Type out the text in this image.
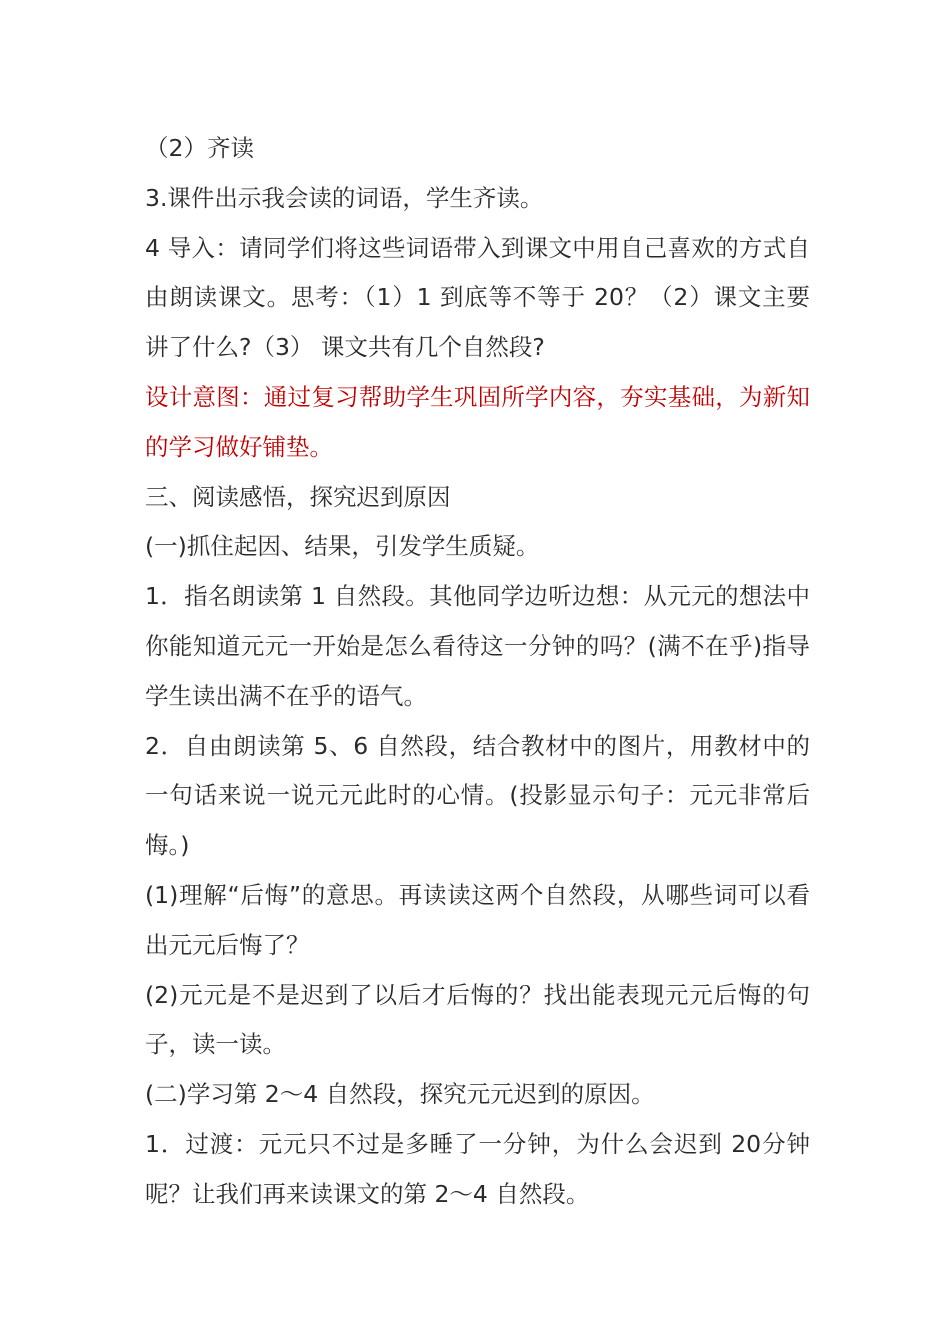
（2）齐读

3.课件出示我会读的词语，学生齐读。

4 导入：请同学们将这些词语带入到课文中用自己喜欢的方式自由朗读课文。思考：（1）1 到底等不等于 20？（2）课文主要讲了什么?（3） 课文共有几个自然段?

设计意图：通过复习帮助学生巩固所学内容，夯实基础，为新知的学习做好铺垫。

三、阅读感悟，探究迟到原因

(一)抓住起因、结果，引发学生质疑。

1．指名朗读第 1 自然段。其他同学边听边想：从元元的想法中你能知道元元一开始是怎么看待这一分钟的吗？(满不在乎)指导学生读出满不在乎的语气。

2．自由朗读第 5、6 自然段，结合教材中的图片，用教材中的一句话来说一说元元此时的心情。(投影显示句子：元元非常后悔。)

(1)理解“后悔”的意思。再读读这两个自然段，从哪些词可以看出元元后悔了？

(2)元元是不是迟到了以后才后悔的？找出能表现元元后悔的句子，读一读。

(二)学习第 2～4 自然段，探究元元迟到的原因。

1．过渡：元元只不过是多睡了一分钟，为什么会迟到 20分钟呢？让我们再来读课文的第 2～4 自然段。
